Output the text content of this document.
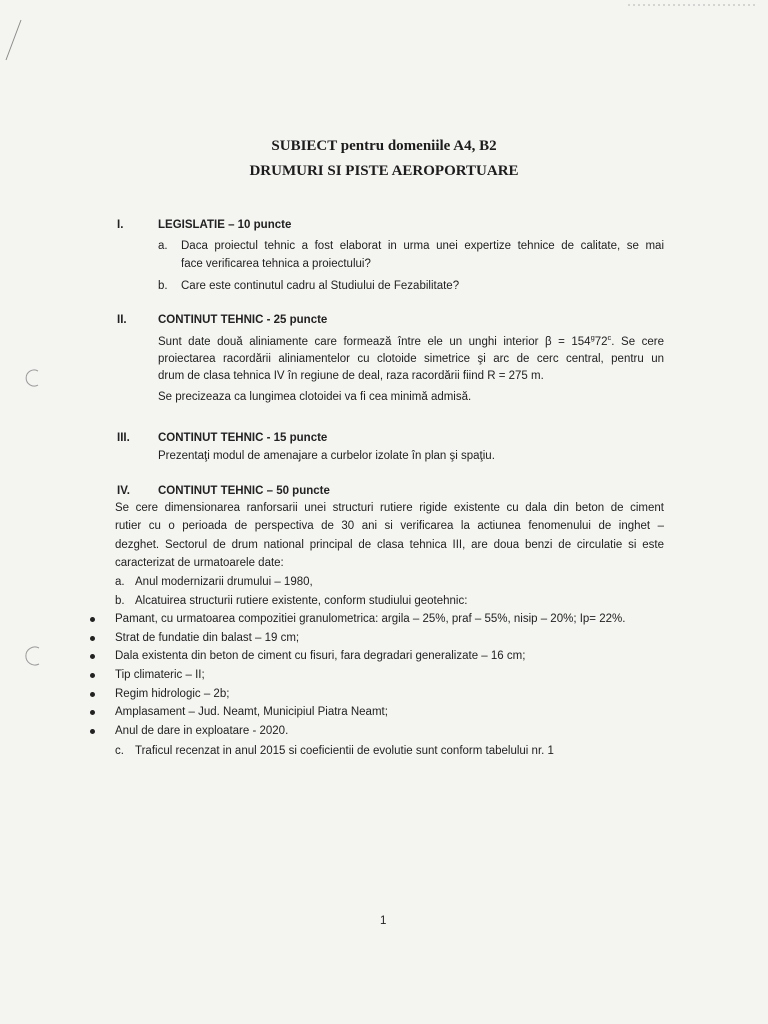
SUBIECT pentru domeniile A4, B2
DRUMURI SI PISTE AEROPORTUARE
I.	LEGISLATIE – 10 puncte
a. Daca proiectul tehnic a fost elaborat in urma unei expertize tehnice de calitate, se mai
face verificarea tehnica a proiectului?
b. Care este continutul cadru al Studiului de Fezabilitate?
II.	CONTINUT TEHNIC - 25 puncte
Sunt date două aliniamente care formează între ele un unghi interior $\beta = 154^g72^c$. Se cere
proiectarea racordării aliniamentelor cu clotoide simetrice şi arc de cerc central, pentru un
drum de clasa tehnica IV în regiune de deal, raza racordării fiind R = 275 m.
Se precizeaza ca lungimea clotoidei va fi cea minimă admisă.
III. CONTINUT TEHNIC - 15 puncte
Prezentaţi modul de amenajare a curbelor izolate în plan şi spaţiu.
IV. CONTINUT TEHNIC – 50 puncte
Se cere dimensionarea ranforsarii unei structuri rutiere rigide existente cu dala din beton de ciment
rutier cu o perioada de perspectiva de 30 ani si verificarea la actiunea fenomenului de inghet –
dezghet. Sectorul de drum national principal de clasa tehnica III, are doua benzi de circulatie si este
caracterizat de urmatoarele date:
a. Anul modernizarii drumului – 1980,
b. Alcatuirea structurii rutiere existente, conform studiului geotehnic:
Pamant, cu urmatoarea compozitiei granulometrica: argila – 25%, praf – 55%, nisip – 20%; Ip= 22%.
Strat de fundatie din balast – 19 cm;
Dala existenta din beton de ciment cu fisuri, fara degradari generalizate – 16 cm;
Tip climateric – II;
Regim hidrologic – 2b;
Amplasament – Jud. Neamt, Municipiul Piatra Neamt;
Anul de dare in exploatare - 2020.
c. Traficul recenzat in anul 2015 si coeficientii de evolutie sunt conform tabelului nr. 1
1
